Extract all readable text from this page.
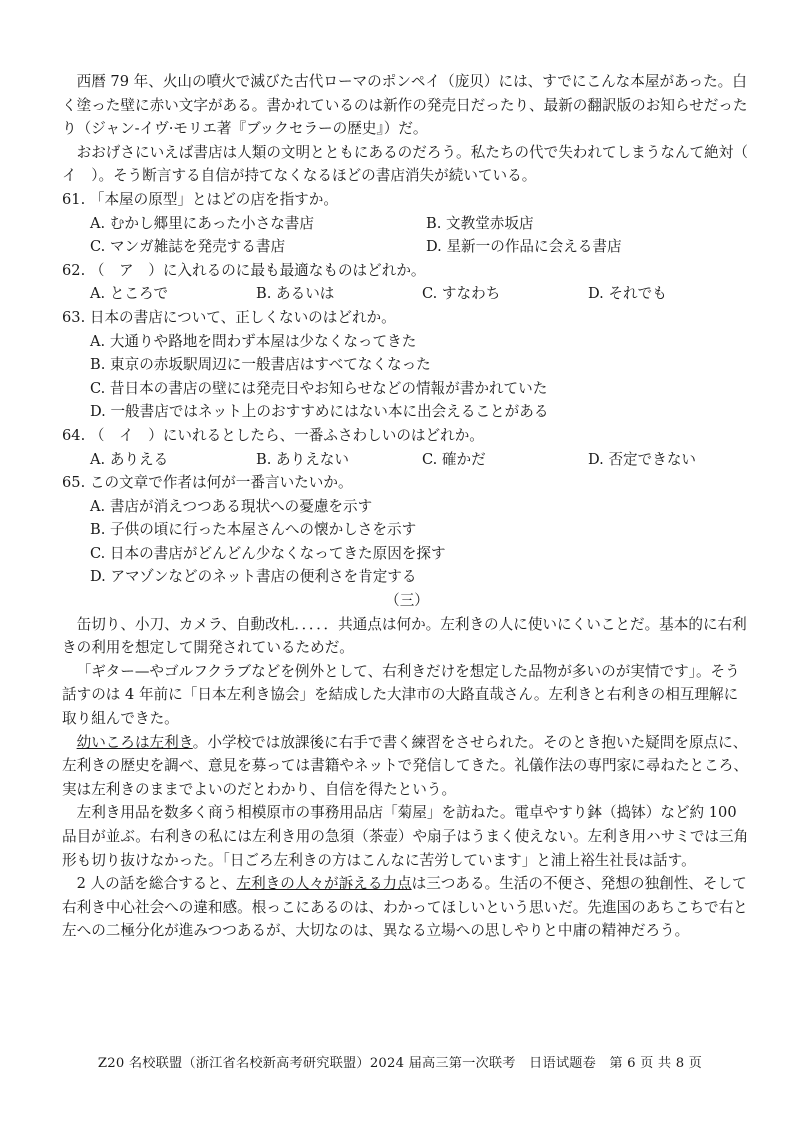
西暦 79 年、火山の噴火で滅びた古代ローマのポンペイ（庞贝）には、すでにこんな本屋があった。白く塗った壁に赤い文字がある。書かれているのは新作の発売日だったり、最新の翻訳版のお知らせだったり（ジャン-イヴ·モリエ著『ブックセラーの歴史』）だ。

おおげさにいえば書店は人類の文明とともにあるのだろう。私たちの代で失われてしまうなんて絶対（　イ　）。そう断言する自信が持てなくなるほどの書店消失が続いている。

61. 「本屋の原型」とはどの店を指すか。

A. むかし郷里にあった小さな書店	B. 文教堂赤坂店
C. マンガ雑誌を発売する書店	D. 星新一の作品に会える書店

62. （　ア　）に入れるのに最も最適なものはどれか。

A. ところで	B. あるいは	C. すなわち	D. それでも

63. 日本の書店について、正しくないのはどれか。

A. 大通りや路地を問わず本屋は少なくなってきた
B. 東京の赤坂駅周辺に一般書店はすべてなくなった
C. 昔日本の書店の壁には発売日やお知らせなどの情報が書かれていた
D. 一般書店ではネット上のおすすめにはない本に出会えることがある

64. （　イ　）にいれるとしたら、一番ふさわしいのはどれか。

A. ありえる	B. ありえない	C. 確かだ	D. 否定できない

65. この文章で作者は何が一番言いたいか。

A. 書店が消えつつある現状への憂慮を示す
B. 子供の頃に行った本屋さんへの懐かしさを示す
C. 日本の書店がどんどん少なくなってきた原因を探す
D. アマゾンなどのネット書店の便利さを肯定する

（三）

缶切り、小刀、カメラ、自動改札．．．．．共通点は何か。左利きの人に使いにくいことだ。基本的に右利きの利用を想定して開発されているためだ。

「ギター—やゴルフクラブなどを例外として、右利きだけを想定した品物が多いのが実情です」。そう話すのは 4 年前に「日本左利き協会」を結成した大津市の大路直哉さん。左利きと右利きの相互理解に取り組んできた。

幼いころは左利き。小学校では放課後に右手で書く練習をさせられた。そのとき抱いた疑問を原点に、左利きの歴史を調べ、意見を募っては書籍やネットで発信してきた。礼儀作法の専門家に尋ねたところ、実は左利きのままでよいのだとわかり、自信を得たという。

左利き用品を数多く商う相模原市の事務用品店「菊屋」を訪ねた。電卓やすり鉢（捣钵）など約 100 品目が並ぶ。右利きの私には左利き用の急須（茶壶）や扇子はうまく使えない。左利き用ハサミでは三角形も切り抜けなかった。「日ごろ左利きの方はこんなに苦労しています」と浦上裕生社長は話す。

2 人の話を総合すると、左利きの人々が訴える力点は三つある。生活の不便さ、発想の独創性、そして右利き中心社会への違和感。根っこにあるのは、わかってほしいという思いだ。先進国のあちこちで右と左への二極分化が進みつつあるが、大切なのは、異なる立場への思しやりと中庸の精神だろう。

Z20 名校联盟（浙江省名校新高考研究联盟）2024 届高三第一次联考　日语试题卷　第 6 页 共 8 页
